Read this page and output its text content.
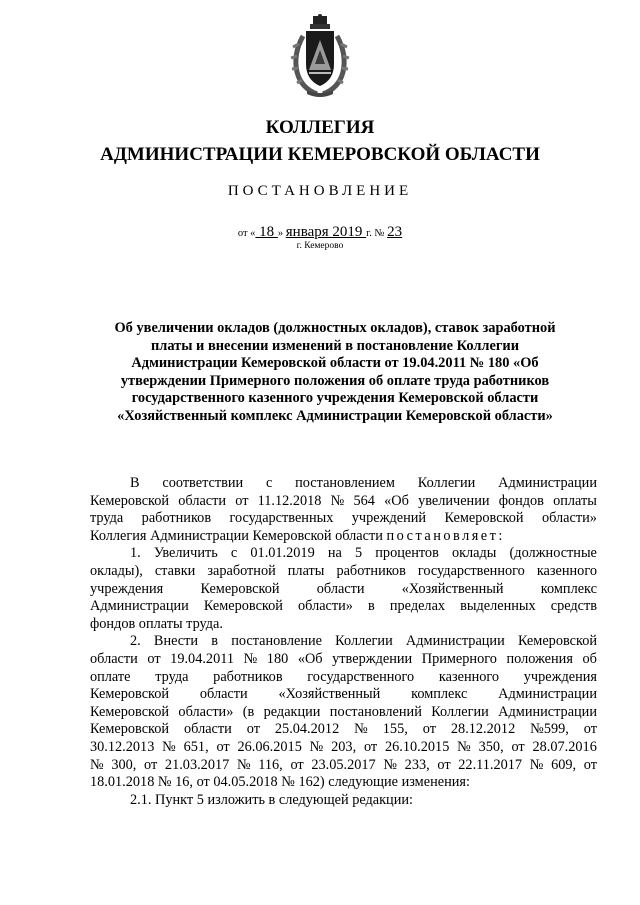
КОЛЛЕГИЯ
АДМИНИСТРАЦИИ КЕМЕРОВСКОЙ ОБЛАСТИ
ПОСТАНОВЛЕНИЕ
от « 18 » января 2019 г. № 23
г. Кемерово
Об увеличении окладов (должностных окладов), ставок заработной
платы и внесении изменений в постановление Коллегии
Администрации Кемеровской области от 19.04.2011 № 180 «Об
утверждении Примерного положения об оплате труда работников
государственного казенного учреждения Кемеровской области
«Хозяйственный комплекс Администрации Кемеровской области»
В соответствии с постановлением Коллегии Администрации
Кемеровской области от 11.12.2018 № 564 «Об увеличении фондов оплаты
труда работников государственных учреждений Кемеровской области»
Коллегия Администрации Кемеровской области постановляет:
1. Увеличить с 01.01.2019 на 5 процентов оклады (должностные
оклады), ставки заработной платы работников государственного казенного
учреждения	Кемеровской	области	«Хозяйственный	комплекс
Администрации Кемеровской области» в пределах выделенных средств
фондов оплаты труда.
2. Внести в постановление Коллегии Администрации Кемеровской
области от 19.04.2011 № 180 «Об утверждении Примерного положения об
оплате труда работников государственного казенного учреждения
Кемеровской области «Хозяйственный комплекс Администрации
Кемеровской области» (в редакции постановлений Коллегии Администрации
Кемеровской области от 25.04.2012 № 155, от 28.12.2012 №599, от
30.12.2013 № 651, от 26.06.2015 № 203, от 26.10.2015 № 350, от 28.07.2016
№ 300, от 21.03.2017 № 116, от 23.05.2017 № 233, от 22.11.2017 № 609, от
18.01.2018 № 16, от 04.05.2018 № 162) следующие изменения:
2.1. Пункт 5 изложить в следующей редакции:
